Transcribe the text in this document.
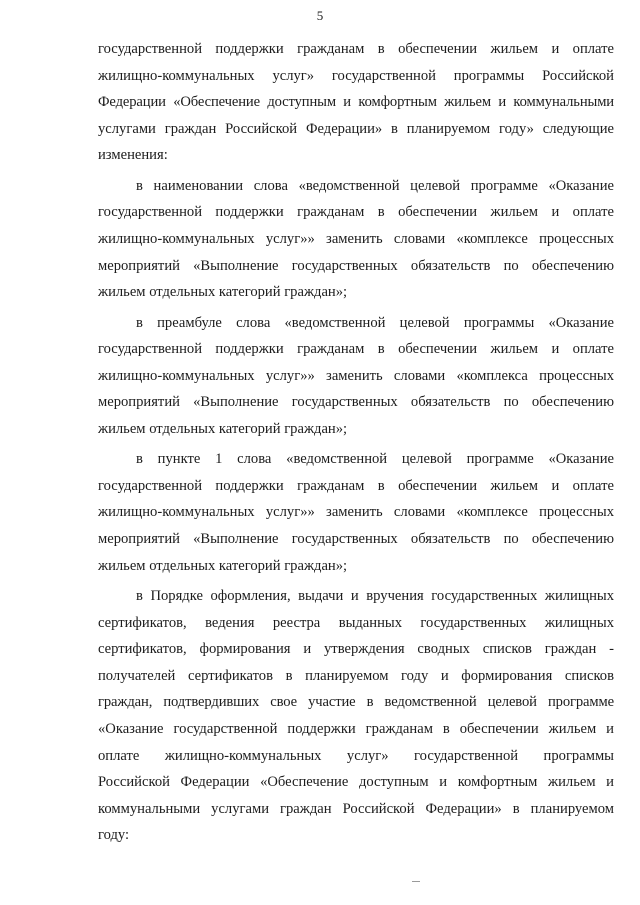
5
государственной поддержки гражданам в обеспечении жильем и оплате
жилищно-коммунальных услуг» государственной программы Российской
Федерации «Обеспечение доступным и комфортным жильем и коммунальными
услугами граждан Российской Федерации» в планируемом году» следующие
изменения:
в наименовании слова «ведомственной целевой программе «Оказание
государственной поддержки гражданам в обеспечении жильем и оплате
жилищно-коммунальных услуг»» заменить словами «комплексе процессных
мероприятий «Выполнение государственных обязательств по обеспечению
жильем отдельных категорий граждан»;
в преамбуле слова «ведомственной целевой программы «Оказание
государственной поддержки гражданам в обеспечении жильем и оплате
жилищно-коммунальных услуг»» заменить словами «комплекса процессных
мероприятий «Выполнение государственных обязательств по обеспечению
жильем отдельных категорий граждан»;
в пункте 1 слова «ведомственной целевой программе «Оказание
государственной поддержки гражданам в обеспечении жильем и оплате
жилищно-коммунальных услуг»» заменить словами «комплексе процессных
мероприятий «Выполнение государственных обязательств по обеспечению
жильем отдельных категорий граждан»;
в Порядке оформления, выдачи и вручения государственных жилищных
сертификатов, ведения реестра выданных государственных жилищных
сертификатов, формирования и утверждения сводных списков граждан -
получателей сертификатов в планируемом году и формирования списков
граждан, подтвердивших свое участие в ведомственной целевой программе
«Оказание государственной поддержки гражданам в обеспечении жильем и
оплате жилищно-коммунальных услуг» государственной программы
Российской Федерации «Обеспечение доступным и комфортным жильем и
коммунальными услугами граждан Российской Федерации» в планируемом
году:
